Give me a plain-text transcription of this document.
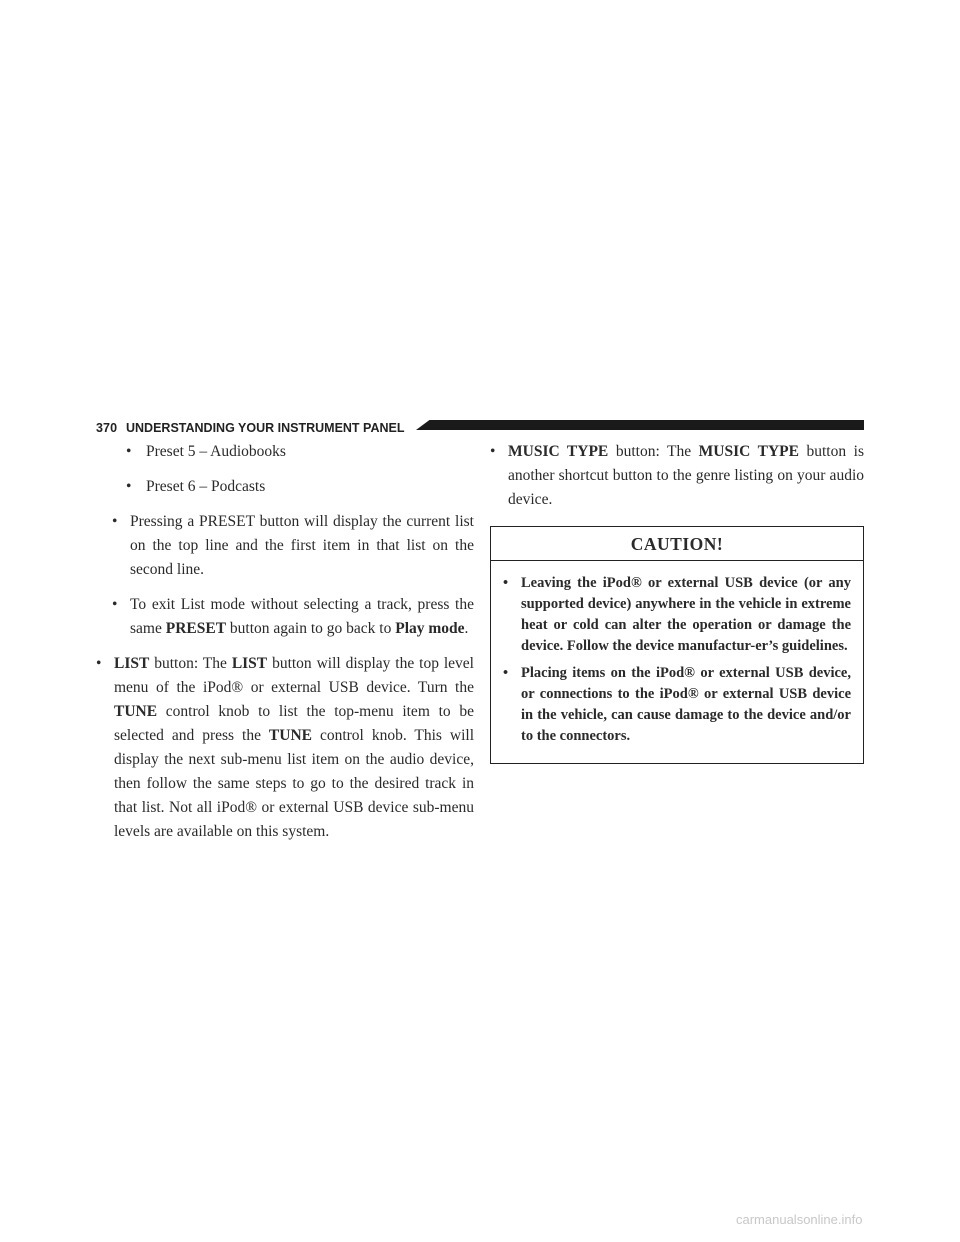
370 UNDERSTANDING YOUR INSTRUMENT PANEL
• Preset 5 – Audiobooks

• Preset 6 – Podcasts

• Pressing a PRESET button will display the current list on the top line and the first item in that list on the second line.

• To exit List mode without selecting a track, press the same PRESET button again to go back to Play mode.

• LIST button: The LIST button will display the top level menu of the iPod® or external USB device. Turn the TUNE control knob to list the top-menu item to be selected and press the TUNE control knob. This will display the next sub-menu list item on the audio device, then follow the same steps to go to the desired track in that list. Not all iPod® or external USB device sub-menu levels are available on this system.

• MUSIC TYPE button: The MUSIC TYPE button is another shortcut button to the genre listing on your audio device.

CAUTION!
• Leaving the iPod® or external USB device (or any supported device) anywhere in the vehicle in extreme heat or cold can alter the operation or damage the device. Follow the device manufactur-er’s guidelines.

• Placing items on the iPod® or external USB device, or connections to the iPod® or external USB device in the vehicle, can cause damage to the device and/or to the connectors.

carmanualsonline.info
